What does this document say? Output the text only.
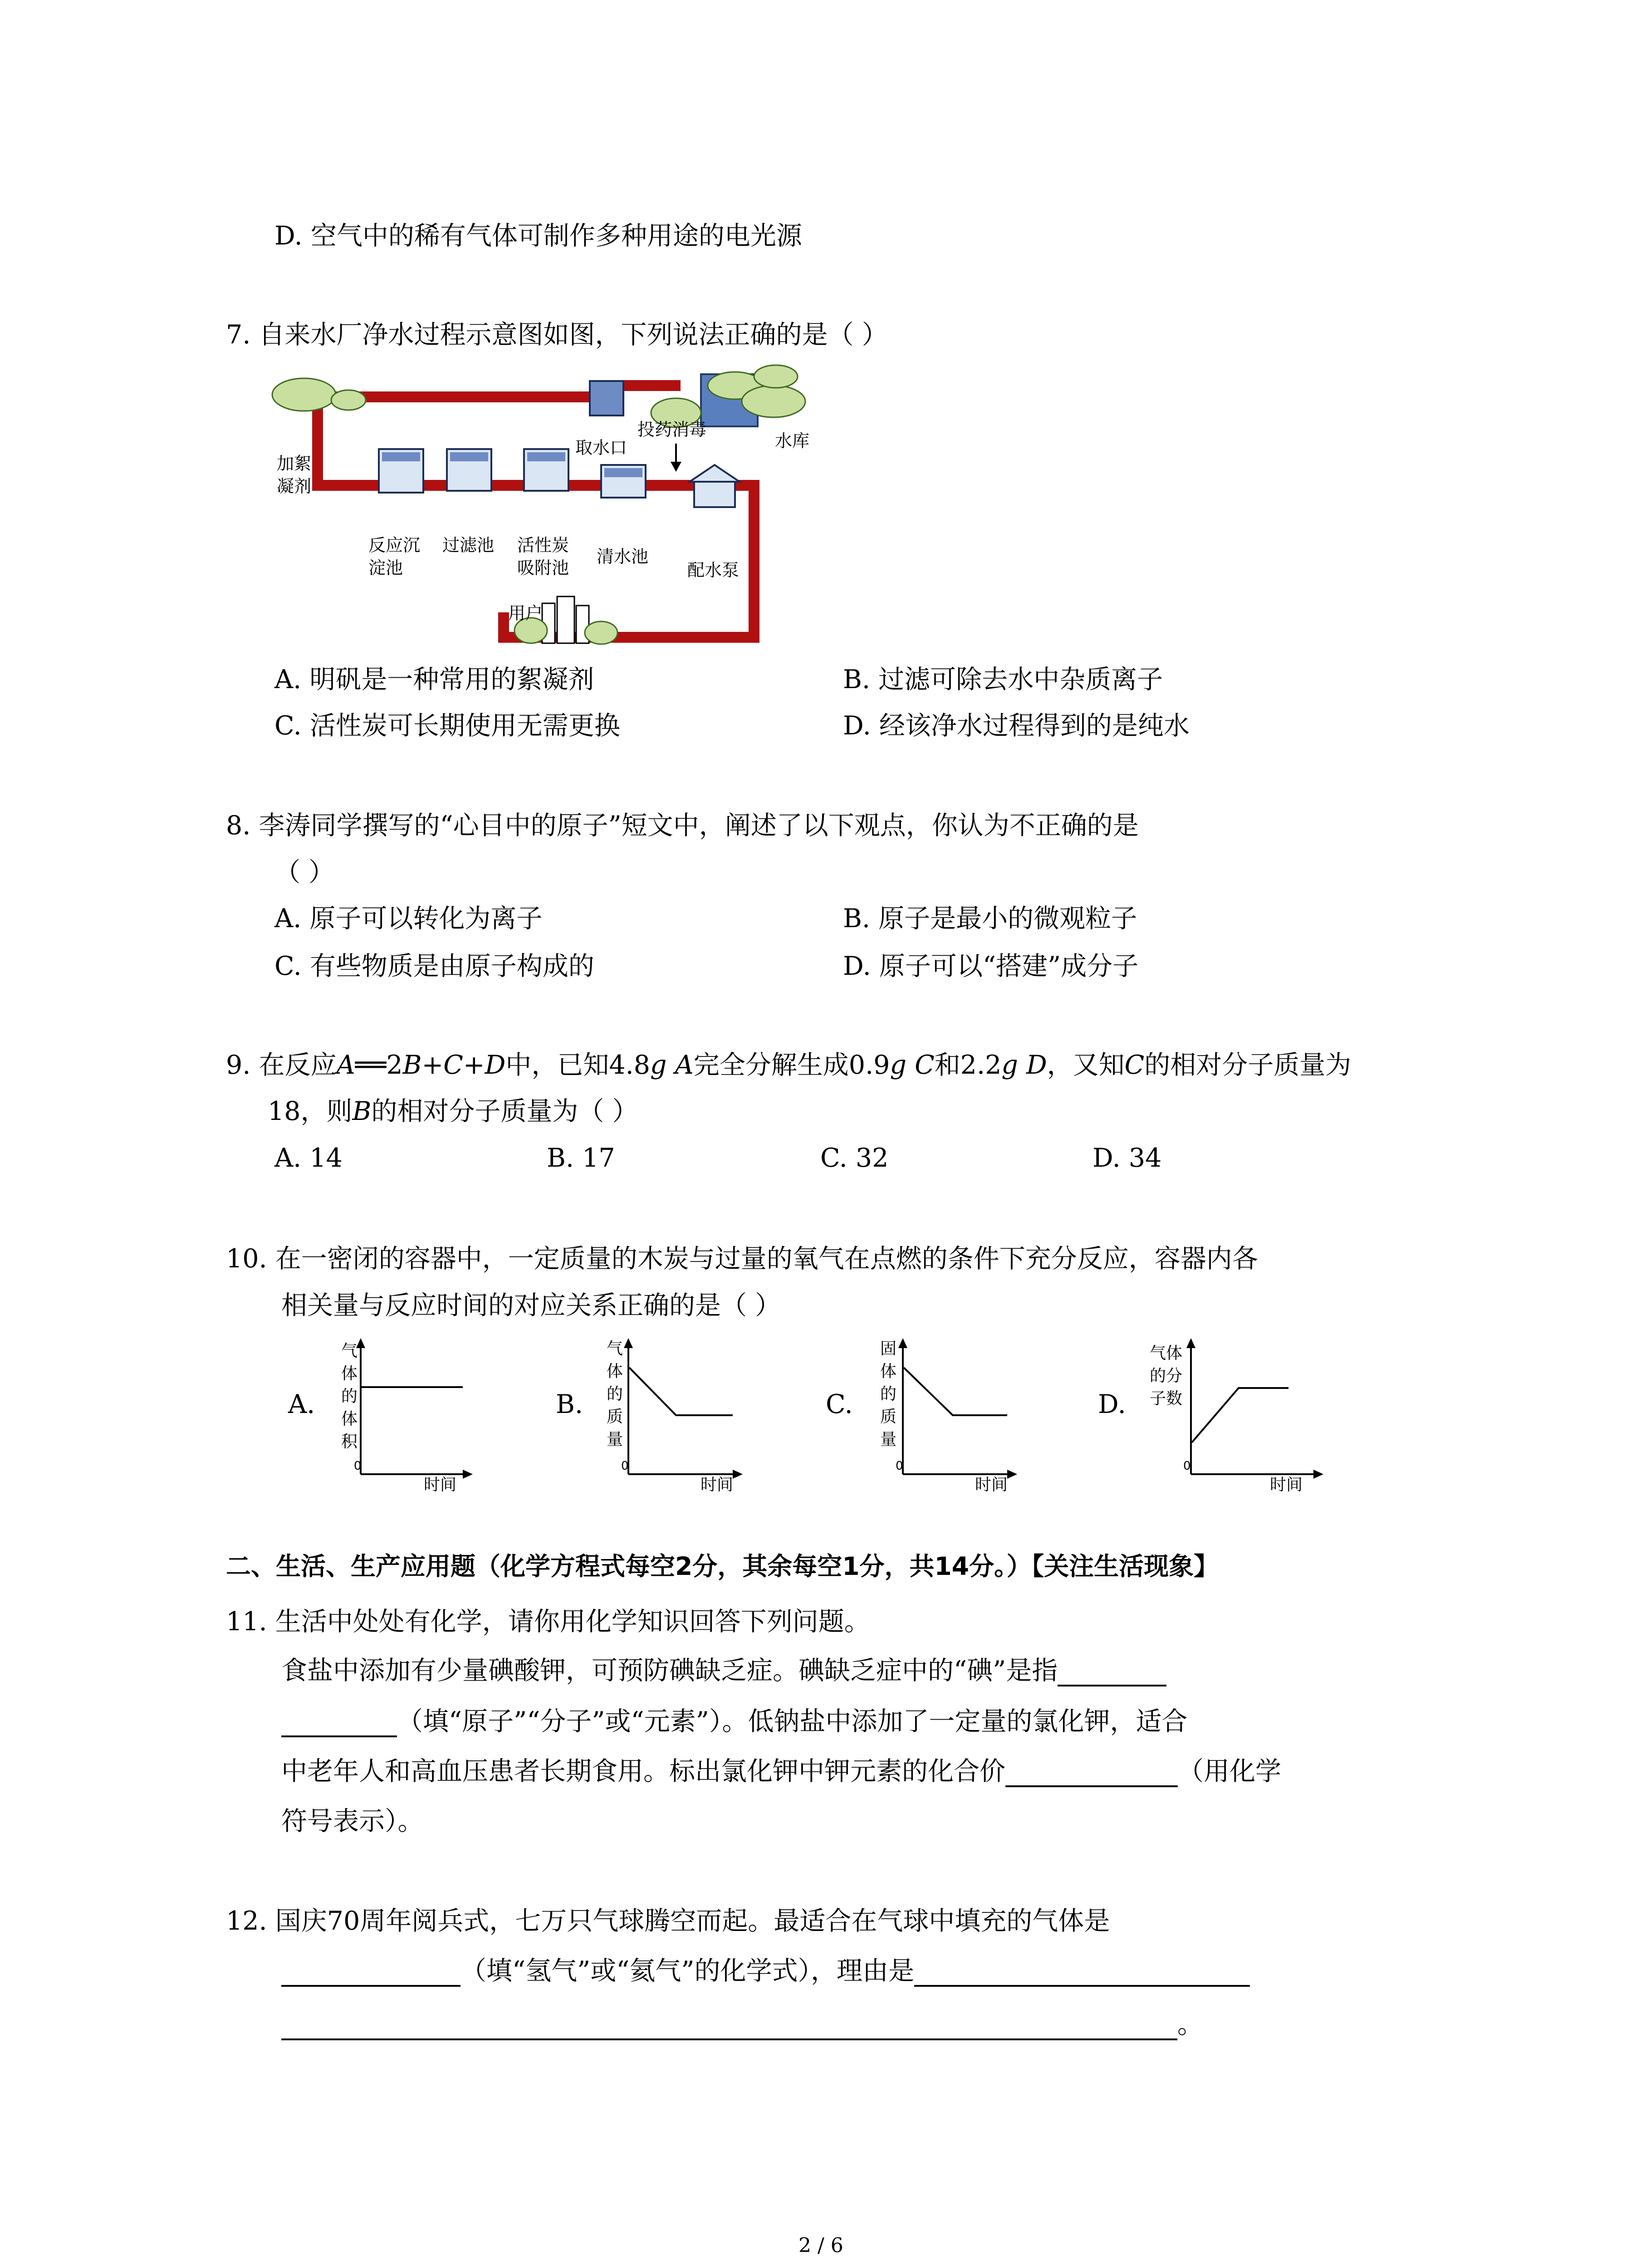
D. 空气中的稀有气体可制作多种用途的电光源
7. 自来水厂净水过程示意图如图，下列说法正确的是（ ）
加絮
凝剂
取水口	水库
投药消毒
反应沉
淀池
过滤池 活性炭
吸附池
清水池
配水泵
用户
A. 明矾是一种常用的絮凝剂	B. 过滤可除去水中杂质离子
C. 活性炭可长期使用无需更换	D. 经该净水过程得到的是纯水
8. 李涛同学撰写的“心目中的原子”短文中，阐述了以下观点，你认为不正确的是
（ ）
A. 原子可以转化为离子	B. 原子是最小的微观粒子
C. 有些物质是由原子构成的	D. 原子可以“搭建”成分子
9. 在反应A══2B+C+D中，已知4.8g A完全分解生成0.9g C和2.2g D，又知C的相对分子质量为
18，则B的相对分子质量为（ ）
A. 14	B. 17	C. 32	D. 34
10. 在一密闭的容器中，一定质量的木炭与过量的氧气在点燃的条件下充分反应，容器内各
相关量与反应时间的对应关系正确的是（ ）
A.
气
体
的
体
积
0
时间
B.
气
体
的
质
量
0
时间
C.
固
体
的
质
量
0
时间
D.
气体
的分
子数
0
时间
二、生活、生产应用题（化学方程式每空2分，其余每空1分，共14分。）【关注生活现象】
11. 生活中处处有化学，请你用化学知识回答下列问题。
食盐中添加有少量碘酸钾，可预防碘缺乏症。碘缺乏症中的“碘”是指
（填“原子”“分子”或“元素”）。低钠盐中添加了一定量的氯化钾，适合
中老年人和高血压患者长期食用。标出氯化钾中钾元素的化合价	（用化学
符号表示）。
12. 国庆70周年阅兵式，七万只气球腾空而起。最适合在气球中填充的气体是
（填“氢气”或“氦气”的化学式），理由是
。
2 / 6
